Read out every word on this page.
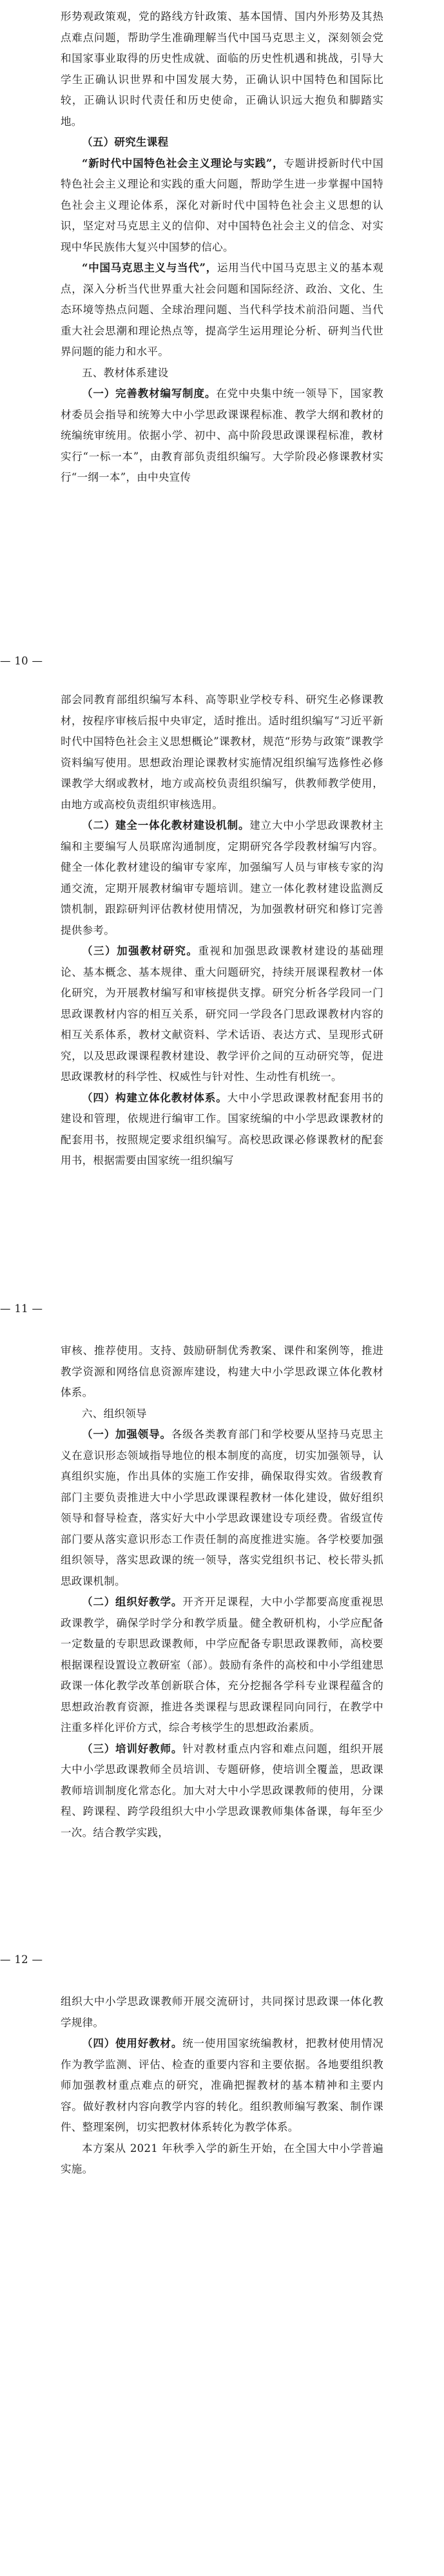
形势观政策观，党的路线方针政策、基本国情、国内外形势及其热点难点问题，帮助学生准确理解当代中国马克思主义，深刻领会党和国家事业取得的历史性成就、面临的历史性机遇和挑战，引导大学生正确认识世界和中国发展大势，正确认识中国特色和国际比较，正确认识时代责任和历史使命，正确认识远大抱负和脚踏实地。

（五）研究生课程

“新时代中国特色社会主义理论与实践”，专题讲授新时代中国特色社会主义理论和实践的重大问题，帮助学生进一步掌握中国特色社会主义理论体系，深化对新时代中国特色社会主义思想的认识，坚定对马克思主义的信仰、对中国特色社会主义的信念、对实现中华民族伟大复兴中国梦的信心。

“中国马克思主义与当代”，运用当代中国马克思主义的基本观点，深入分析当代世界重大社会问题和国际经济、政治、文化、生态环境等热点问题、全球治理问题、当代科学技术前沿问题、当代重大社会思潮和理论热点等，提高学生运用理论分析、研判当代世界问题的能力和水平。

五、教材体系建设

（一）完善教材编写制度。在党中央集中统一领导下，国家教材委员会指导和统筹大中小学思政课课程标准、教学大纲和教材的统编统审统用。依据小学、初中、高中阶段思政课课程标准，教材实行“一标一本”，由教育部负责组织编写。大学阶段必修课教材实行“一纲一本”，由中央宣传

— 10 —

部会同教育部组织编写本科、高等职业学校专科、研究生必修课教材，按程序审核后报中央审定，适时推出。适时组织编写“习近平新时代中国特色社会主义思想概论”课教材，规范“形势与政策”课教学资料编写使用。思想政治理论课教材实施情况组织编写选修性必修课教学大纲或教材，地方或高校负责组织编写，供教师教学使用，由地方或高校负责组织审核选用。

（二）建全一体化教材建设机制。建立大中小学思政课教材主编和主要编写人员联席沟通制度，定期研究各学段教材编写内容。健全一体化教材建设的编审专家库，加强编写人员与审核专家的沟通交流，定期开展教材编审专题培训。建立一体化教材建设监测反馈机制，跟踪研判评估教材使用情况，为加强教材研究和修订完善提供参考。

（三）加强教材研究。重视和加强思政课教材建设的基础理论、基本概念、基本规律、重大问题研究，持续开展课程教材一体化研究，为开展教材编写和审核提供支撑。研究分析各学段同一门思政课教材内容的相互关系，研究同一学段各门思政课教材内容的相互关系体系，教材文献资料、学术话语、表达方式、呈现形式研究，以及思政课课程教材建设、教学评价之间的互动研究等，促进思政课教材的科学性、权威性与针对性、生动性有机统一。

（四）构建立体化教材体系。大中小学思政课教材配套用书的建设和管理，依规进行编审工作。国家统编的中小学思政课教材的配套用书，按照规定要求组织编写。高校思政课必修课教材的配套用书，根据需要由国家统一组织编写

— 11 —

审核、推荐使用。支持、鼓励研制优秀教案、课件和案例等，推进教学资源和网络信息资源库建设，构建大中小学思政课立体化教材体系。

六、组织领导

（一）加强领导。各级各类教育部门和学校要从坚持马克思主义在意识形态领域指导地位的根本制度的高度，切实加强领导，认真组织实施，作出具体的实施工作安排，确保取得实效。省级教育部门主要负责推进大中小学思政课课程教材一体化建设，做好组织领导和督导检查，落实好大中小学思政课建设专项经费。省级宣传部门要从落实意识形态工作责任制的高度推进实施。各学校要加强组织领导，落实思政课的统一领导，落实党组织书记、校长带头抓思政课机制。

（二）组织好教学。开齐开足课程，大中小学都要高度重视思政课教学，确保学时学分和教学质量。健全教研机构，小学应配备一定数量的专职思政课教师，中学应配备专职思政课教师，高校要根据课程设置设立教研室（部）。鼓励有条件的高校和中小学组建思政课一体化教学改革创新联合体，充分挖掘各学科专业课程蕴含的思想政治教育资源，推进各类课程与思政课程同向同行，在教学中注重多样化评价方式，综合考核学生的思想政治素质。

（三）培训好教师。针对教材重点内容和难点问题，组织开展大中小学思政课教师全员培训、专题研修，使培训全覆盖，思政课教师培训制度化常态化。加大对大中小学思政课教师的使用，分课程、跨课程、跨学段组织大中小学思政课教师集体备课，每年至少一次。结合教学实践，

— 12 —

组织大中小学思政课教师开展交流研讨，共同探讨思政课一体化教学规律。

（四）使用好教材。统一使用国家统编教材，把教材使用情况作为教学监测、评估、检查的重要内容和主要依据。各地要组织教师加强教材重点难点的研究，准确把握教材的基本精神和主要内容。做好教材内容向教学内容的转化。组织教师编写教案、制作课件、整理案例，切实把教材体系转化为教学体系。

本方案从 2021 年秋季入学的新生开始，在全国大中小学普遍实施。
